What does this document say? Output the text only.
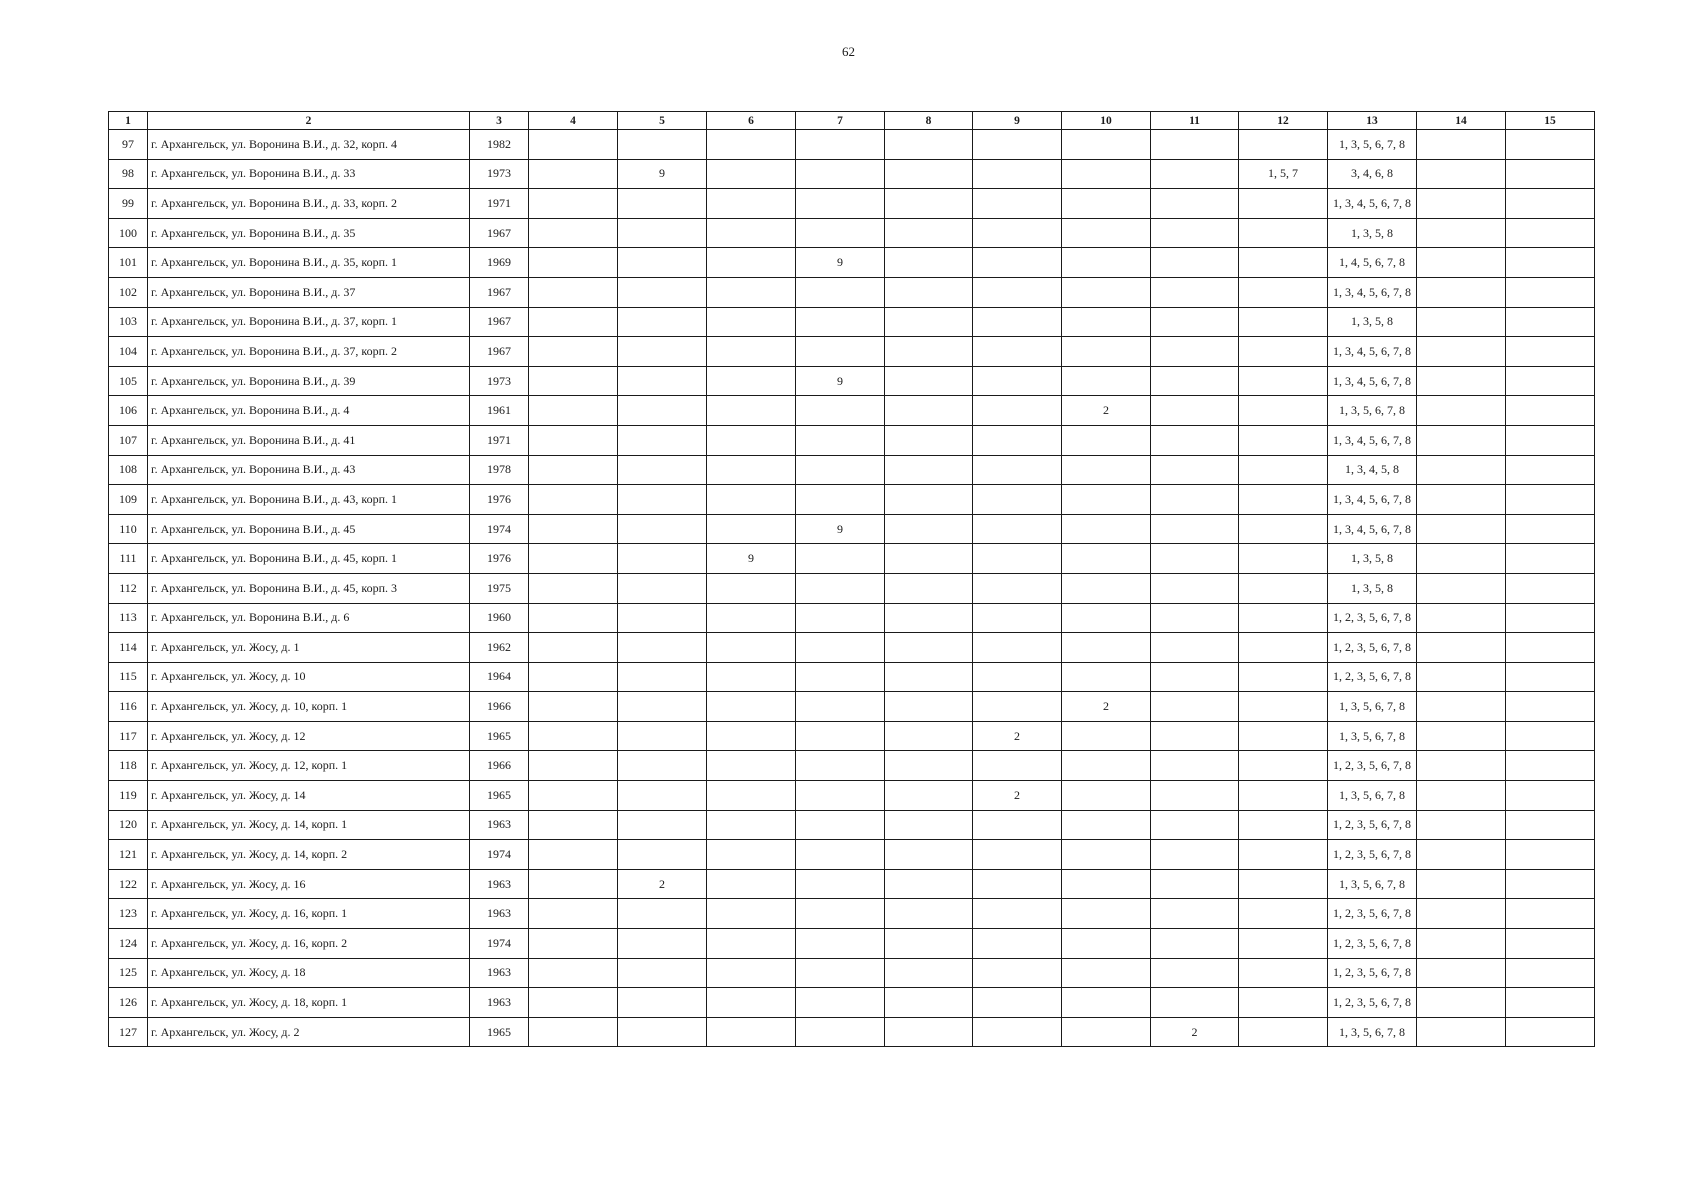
62
1	2	3	4	5	6	7	8	9	10	11	12	13	14	15
97	г. Архангельск, ул. Воронина В.И., д. 32, корп. 4	1982										1, 3, 5, 6, 7, 8		
98	г. Архангельск, ул. Воронина В.И., д. 33	1973		9							1, 5, 7	3, 4, 6, 8		
99	г. Архангельск, ул. Воронина В.И., д. 33, корп. 2	1971										1, 3, 4, 5, 6, 7, 8		
100	г. Архангельск, ул. Воронина В.И., д. 35	1967										1, 3, 5, 8		
101	г. Архангельск, ул. Воронина В.И., д. 35, корп. 1	1969				9						1, 4, 5, 6, 7, 8		
102	г. Архангельск, ул. Воронина В.И., д. 37	1967										1, 3, 4, 5, 6, 7, 8		
103	г. Архангельск, ул. Воронина В.И., д. 37, корп. 1	1967										1, 3, 5, 8		
104	г. Архангельск, ул. Воронина В.И., д. 37, корп. 2	1967										1, 3, 4, 5, 6, 7, 8		
105	г. Архангельск, ул. Воронина В.И., д. 39	1973				9						1, 3, 4, 5, 6, 7, 8		
106	г. Архангельск, ул. Воронина В.И., д. 4	1961							2			1, 3, 5, 6, 7, 8		
107	г. Архангельск, ул. Воронина В.И., д. 41	1971										1, 3, 4, 5, 6, 7, 8		
108	г. Архангельск, ул. Воронина В.И., д. 43	1978										1, 3, 4, 5, 8		
109	г. Архангельск, ул. Воронина В.И., д. 43, корп. 1	1976										1, 3, 4, 5, 6, 7, 8		
110	г. Архангельск, ул. Воронина В.И., д. 45	1974				9						1, 3, 4, 5, 6, 7, 8		
111	г. Архангельск, ул. Воронина В.И., д. 45, корп. 1	1976			9							1, 3, 5, 8		
112	г. Архангельск, ул. Воронина В.И., д. 45, корп. 3	1975										1, 3, 5, 8		
113	г. Архангельск, ул. Воронина В.И., д. 6	1960										1, 2, 3, 5, 6, 7, 8		
114	г. Архангельск, ул. Жосу, д. 1	1962										1, 2, 3, 5, 6, 7, 8		
115	г. Архангельск, ул. Жосу, д. 10	1964										1, 2, 3, 5, 6, 7, 8		
116	г. Архангельск, ул. Жосу, д. 10, корп. 1	1966							2			1, 3, 5, 6, 7, 8		
117	г. Архангельск, ул. Жосу, д. 12	1965						2				1, 3, 5, 6, 7, 8		
118	г. Архангельск, ул. Жосу, д. 12, корп. 1	1966										1, 2, 3, 5, 6, 7, 8		
119	г. Архангельск, ул. Жосу, д. 14	1965						2				1, 3, 5, 6, 7, 8		
120	г. Архангельск, ул. Жосу, д. 14, корп. 1	1963										1, 2, 3, 5, 6, 7, 8		
121	г. Архангельск, ул. Жосу, д. 14, корп. 2	1974										1, 2, 3, 5, 6, 7, 8		
122	г. Архангельск, ул. Жосу, д. 16	1963		2								1, 3, 5, 6, 7, 8		
123	г. Архангельск, ул. Жосу, д. 16, корп. 1	1963										1, 2, 3, 5, 6, 7, 8		
124	г. Архангельск, ул. Жосу, д. 16, корп. 2	1974										1, 2, 3, 5, 6, 7, 8		
125	г. Архангельск, ул. Жосу, д. 18	1963										1, 2, 3, 5, 6, 7, 8		
126	г. Архангельск, ул. Жосу, д. 18, корп. 1	1963										1, 2, 3, 5, 6, 7, 8		
127	г. Архангельск, ул. Жосу, д. 2	1965								2		1, 3, 5, 6, 7, 8		
